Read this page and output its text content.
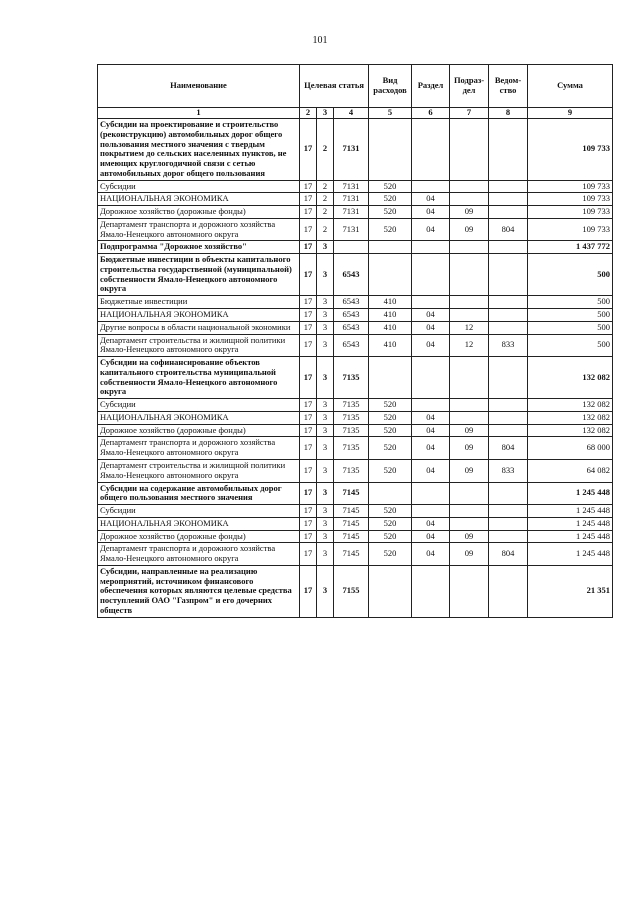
101
Наименование	Целевая статья			Вид расходов	Раздел	Подраз-дел	Ведом-ство	Сумма
1	2	3	4	5	6	7	8	9
Субсидии на проектирование и строительство (реконструкцию) автомобильных дорог общего пользования местного значения с твердым покрытием до сельских населенных пунктов, не имеющих круглогодичной связи с сетью автомобильных дорог общего пользования	17	2	7131					109 733
Субсидии	17	2	7131	520				109 733
НАЦИОНАЛЬНАЯ ЭКОНОМИКА	17	2	7131	520	04			109 733
Дорожное хозяйство (дорожные фонды)	17	2	7131	520	04	09		109 733
Департамент транспорта и дорожного хозяйства Ямало-Ненецкого автономного округа	17	2	7131	520	04	09	804	109 733
Подпрограмма "Дорожное хозяйство"	17	3						1 437 772
Бюджетные инвестиции в объекты капитального строительства государственной (муниципальной) собственности Ямало-Ненецкого автономного округа	17	3	6543					500
Бюджетные инвестиции	17	3	6543	410				500
НАЦИОНАЛЬНАЯ ЭКОНОМИКА	17	3	6543	410	04			500
Другие вопросы в области национальной экономики	17	3	6543	410	04	12		500
Департамент строительства и жилищной политики Ямало-Ненецкого автономного округа	17	3	6543	410	04	12	833	500
Субсидии на софинансирование объектов капитального строительства муниципальной собственности Ямало-Ненецкого автономного округа	17	3	7135					132 082
Субсидии	17	3	7135	520				132 082
НАЦИОНАЛЬНАЯ ЭКОНОМИКА	17	3	7135	520	04			132 082
Дорожное хозяйство (дорожные фонды)	17	3	7135	520	04	09		132 082
Департамент транспорта и дорожного хозяйства Ямало-Ненецкого автономного округа	17	3	7135	520	04	09	804	68 000
Департамент строительства и жилищной политики Ямало-Ненецкого автономного округа	17	3	7135	520	04	09	833	64 082
Субсидии на содержание автомобильных дорог общего пользования местного значения	17	3	7145					1 245 448
Субсидии	17	3	7145	520				1 245 448
НАЦИОНАЛЬНАЯ ЭКОНОМИКА	17	3	7145	520	04			1 245 448
Дорожное хозяйство (дорожные фонды)	17	3	7145	520	04	09		1 245 448
Департамент транспорта и дорожного хозяйства Ямало-Ненецкого автономного округа	17	3	7145	520	04	09	804	1 245 448
Субсидии, направленные на реализацию мероприятий, источником финансового обеспечения которых являются целевые средства поступлений ОАО "Газпром" и его дочерних обществ	17	3	7155					21 351
